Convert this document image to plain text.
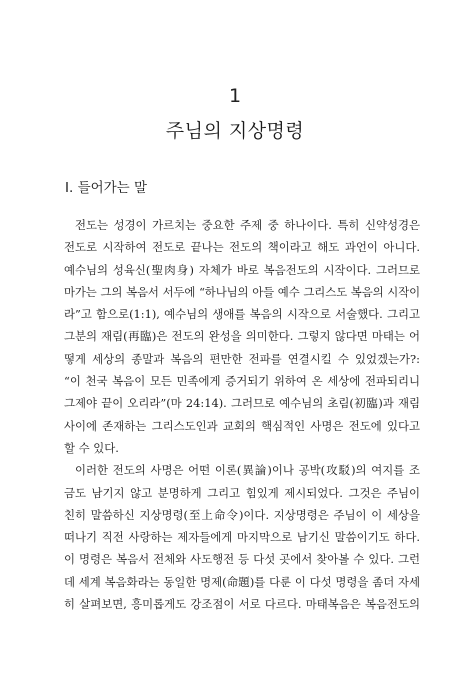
1
주님의 지상명령
I. 들어가는 말
전도는 성경이 가르치는 중요한 주제 중 하나이다. 특히 신약성경은
전도로 시작하여 전도로 끝나는 전도의 책이라고 해도 과언이 아니다.
예수님의 성육신(聖肉身) 자체가 바로 복음전도의 시작이다. 그러므로
마가는 그의 복음서 서두에 “하나님의 아들 예수 그리스도 복음의 시작이
라”고 함으로(1:1), 예수님의 생애를 복음의 시작으로 서술했다. 그리고
그분의 재림(再臨)은 전도의 완성을 의미한다. 그렇지 않다면 마태는 어
떻게 세상의 종말과 복음의 편만한 전파를 연결시킬 수 있었겠는가?:
“이 천국 복음이 모든 민족에게 증거되기 위하여 온 세상에 전파되리니
그제야 끝이 오리라”(마 24:14). 그러므로 예수님의 초림(初臨)과 재림
사이에 존재하는 그리스도인과 교회의 핵심적인 사명은 전도에 있다고
할 수 있다.
이러한 전도의 사명은 어떤 이론(異論)이나 공박(攻駁)의 여지를 조
금도 남기지 않고 분명하게 그리고 힘있게 제시되었다. 그것은 주님이
친히 말씀하신 지상명령(至上命令)이다. 지상명령은 주님이 이 세상을
떠나기 직전 사랑하는 제자들에게 마지막으로 남기신 말씀이기도 하다.
이 명령은 복음서 전체와 사도행전 등 다섯 곳에서 찾아볼 수 있다. 그런
데 세계 복음화라는 동일한 명제(命題)를 다룬 이 다섯 명령을 좀더 자세
히 살펴보면, 흥미롭게도 강조점이 서로 다르다. 마태복음은 복음전도의
